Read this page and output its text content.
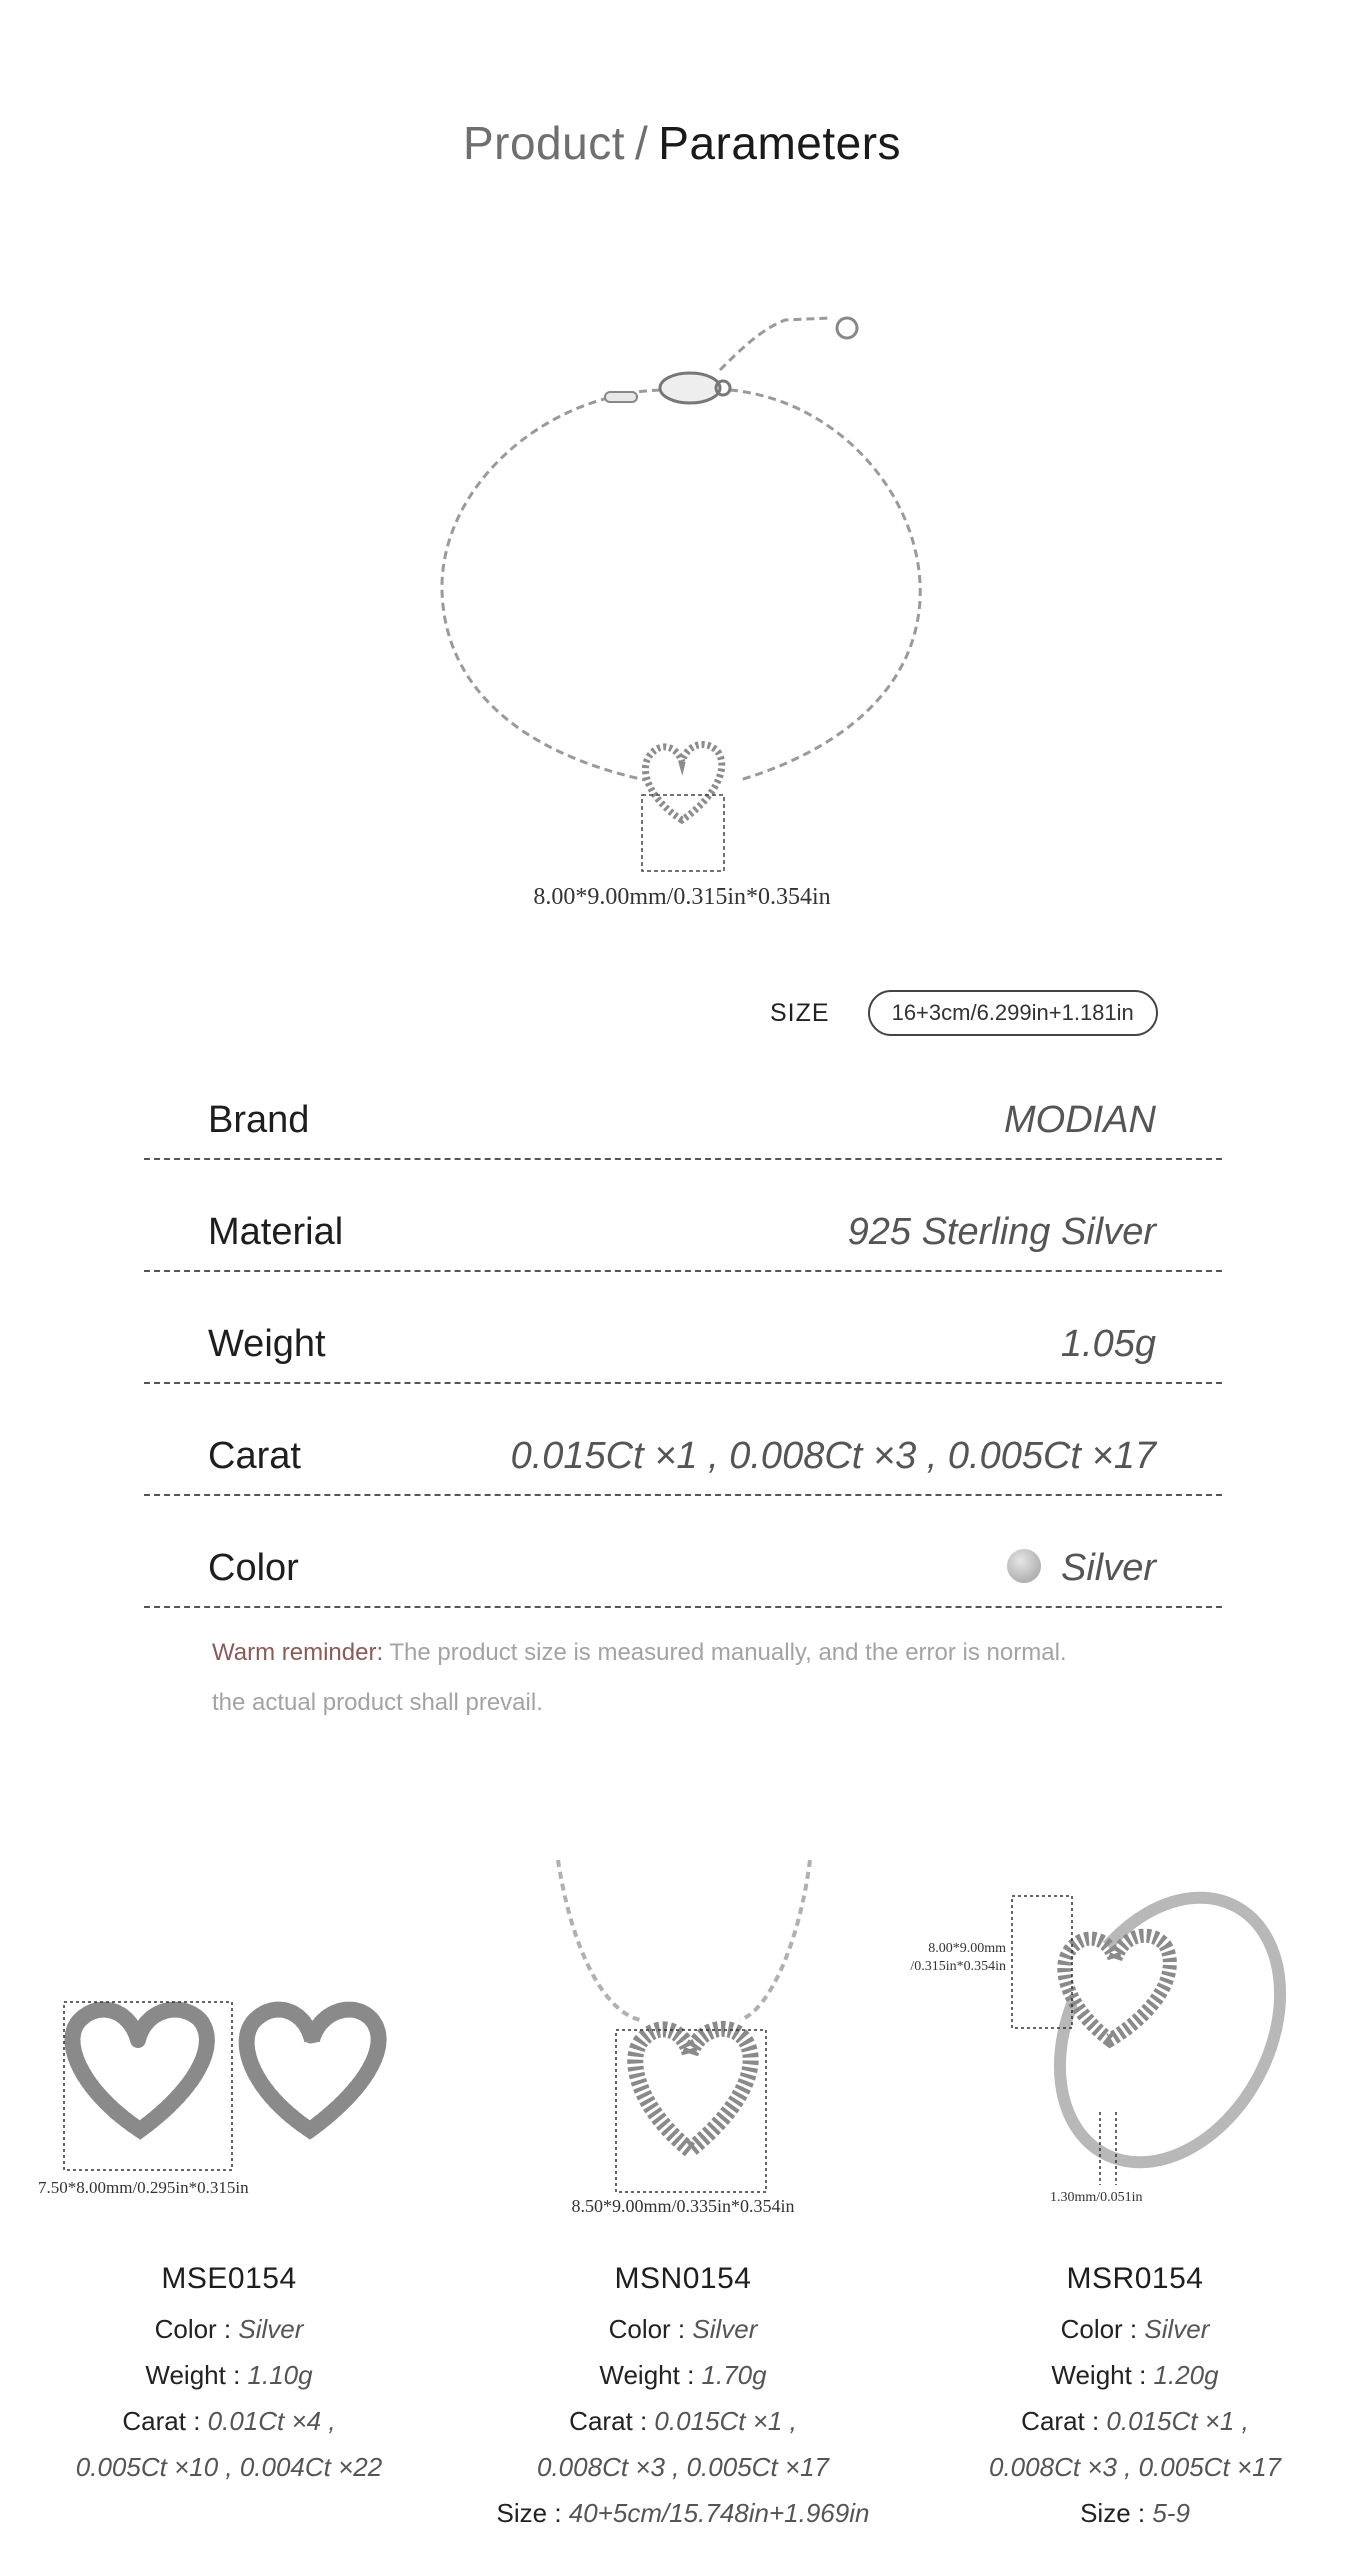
Product / Parameters
8.00*9.00mm/0.315in*0.354in
SIZE	16+3cm/6.299in+1.181in
Brand	MODIAN
Material	925 Sterling Silver
Weight	1.05g
Carat	0.015Ct ×1 , 0.008Ct ×3 , 0.005Ct ×17
Color	Silver
Warm reminder: The product size is measured manually, and the error is normal.
the actual product shall prevail.
7.50*8.00mm/0.295in*0.315in
8.50*9.00mm/0.335in*0.354in
8.00*9.00mm
/0.315in*0.354in
1.30mm/0.051in
MSE0154
Color : Silver
Weight : 1.10g
Carat : 0.01Ct ×4 ,
0.005Ct ×10 , 0.004Ct ×22
MSN0154
Color : Silver
Weight : 1.70g
Carat : 0.015Ct ×1 ,
0.008Ct ×3 , 0.005Ct ×17
Size : 40+5cm/15.748in+1.969in
MSR0154
Color : Silver
Weight : 1.20g
Carat : 0.015Ct ×1 ,
0.008Ct ×3 , 0.005Ct ×17
Size : 5-9
